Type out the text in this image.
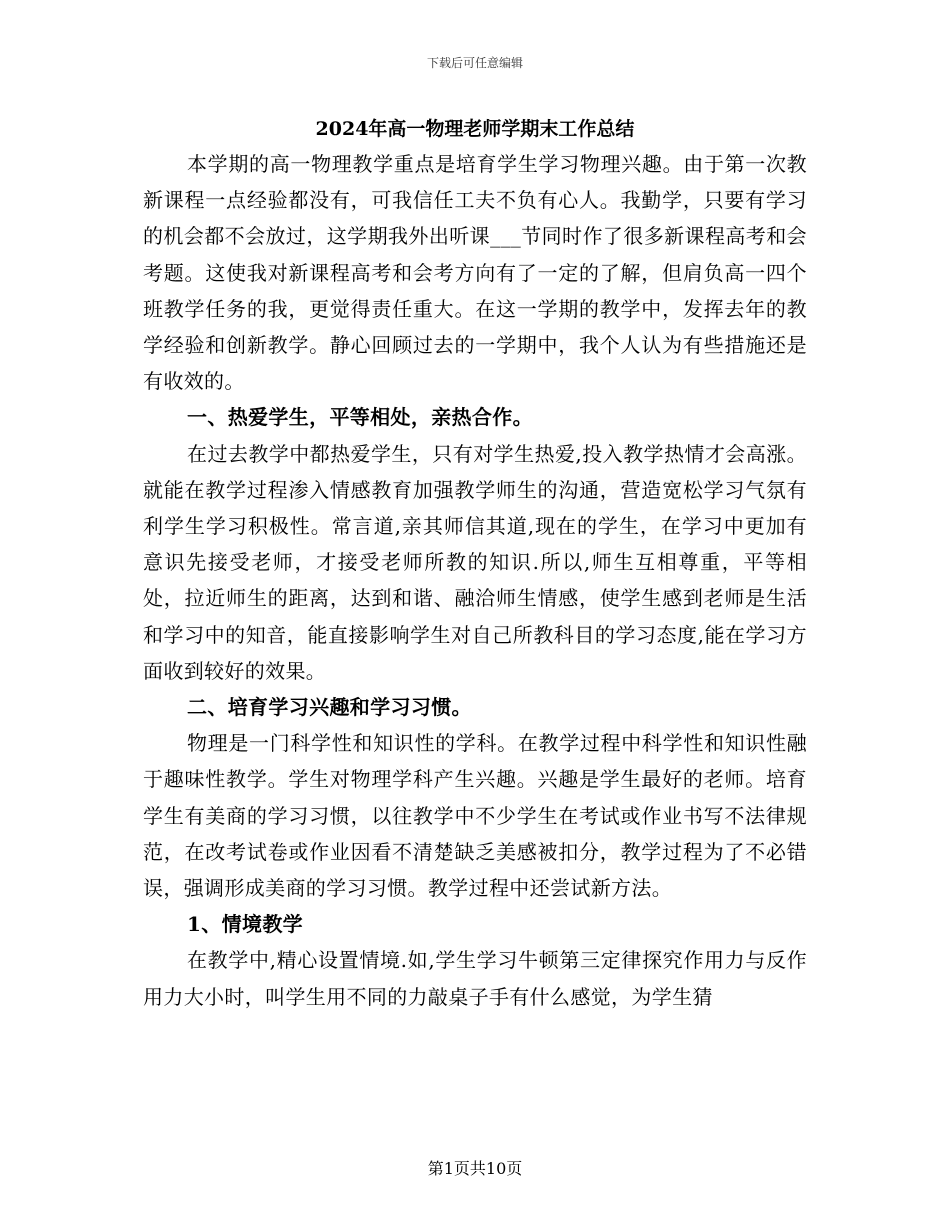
下载后可任意编辑
2024年高一物理老师学期末工作总结

本学期的高一物理教学重点是培育学生学习物理兴趣。由于第一次教新课程一点经验都没有，可我信任工夫不负有心人。我勤学，只要有学习的机会都不会放过，这学期我外出听课___节同时作了很多新课程高考和会考题。这使我对新课程高考和会考方向有了一定的了解，但肩负高一四个班教学任务的我，更觉得责任重大。在这一学期的教学中，发挥去年的教学经验和创新教学。静心回顾过去的一学期中，我个人认为有些措施还是有收效的。

一、热爱学生，平等相处，亲热合作。

在过去教学中都热爱学生，只有对学生热爱,投入教学热情才会高涨。就能在教学过程渗入情感教育加强教学师生的沟通，营造宽松学习气氛有利学生学习积极性。常言道,亲其师信其道,现在的学生，在学习中更加有意识先接受老师，才接受老师所教的知识.所以,师生互相尊重，平等相处，拉近师生的距离，达到和谐、融洽师生情感，使学生感到老师是生活和学习中的知音，能直接影响学生对自己所教科目的学习态度,能在学习方面收到较好的效果。

二、培育学习兴趣和学习习惯。

物理是一门科学性和知识性的学科。在教学过程中科学性和知识性融于趣味性教学。学生对物理学科产生兴趣。兴趣是学生最好的老师。培育学生有美商的学习习惯，以往教学中不少学生在考试或作业书写不法律规范，在改考试卷或作业因看不清楚缺乏美感被扣分，教学过程为了不必错误，强调形成美商的学习习惯。教学过程中还尝试新方法。

1、情境教学

在教学中,精心设置情境.如,学生学习牛顿第三定律探究作用力与反作用力大小时，叫学生用不同的力敲桌子手有什么感觉，为学生猜

第1页共10页
